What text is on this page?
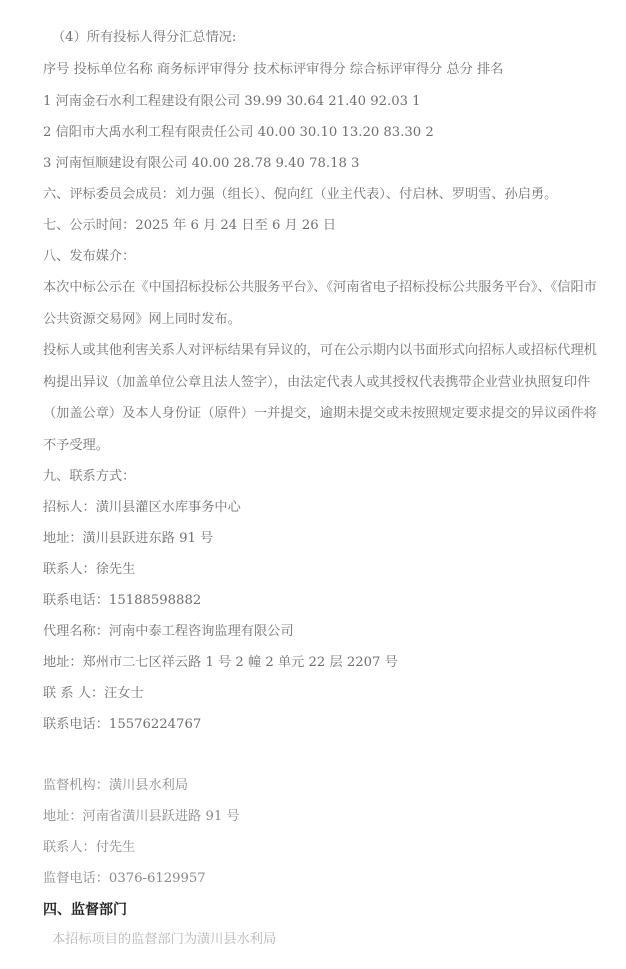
（4）所有投标人得分汇总情况:
序号 投标单位名称 商务标评审得分 技术标评审得分 综合标评审得分 总分 排名
1 河南金石水利工程建设有限公司 39.99 30.64 21.40 92.03 1
2 信阳市大禹水利工程有限责任公司 40.00 30.10 13.20 83.30 2
3 河南恒顺建设有限公司 40.00 28.78 9.40 78.18 3
六、评标委员会成员：刘力强（组长）、倪向红（业主代表）、付启林、罗明雪、孙启勇。
七、公示时间：2025 年 6 月 24 日至 6 月 26 日
八、发布媒介：
本次中标公示在《中国招标投标公共服务平台》、《河南省电子招标投标公共服务平台》、《信阳市公共资源交易网》网上同时发布。
投标人或其他利害关系人对评标结果有异议的，可在公示期内以书面形式向招标人或招标代理机构提出异议（加盖单位公章且法人签字），由法定代表人或其授权代表携带企业营业执照复印件（加盖公章）及本人身份证（原件）一并提交，逾期未提交或未按照规定要求提交的异议函件将不予受理。
九、联系方式：
招标人：潢川县灌区水库事务中心
地址：潢川县跃进东路 91 号
联系人：徐先生
联系电话：15188598882
代理名称：河南中泰工程咨询监理有限公司
地址：郑州市二七区祥云路 1 号 2 幢 2 单元 22 层 2207 号
联 系 人：汪女士
联系电话：15576224767
监督机构：潢川县水利局
地址：河南省潢川县跃进路 91 号
联系人：付先生
监督电话：0376-6129957
四、监督部门
本招标项目的监督部门为潢川县水利局
